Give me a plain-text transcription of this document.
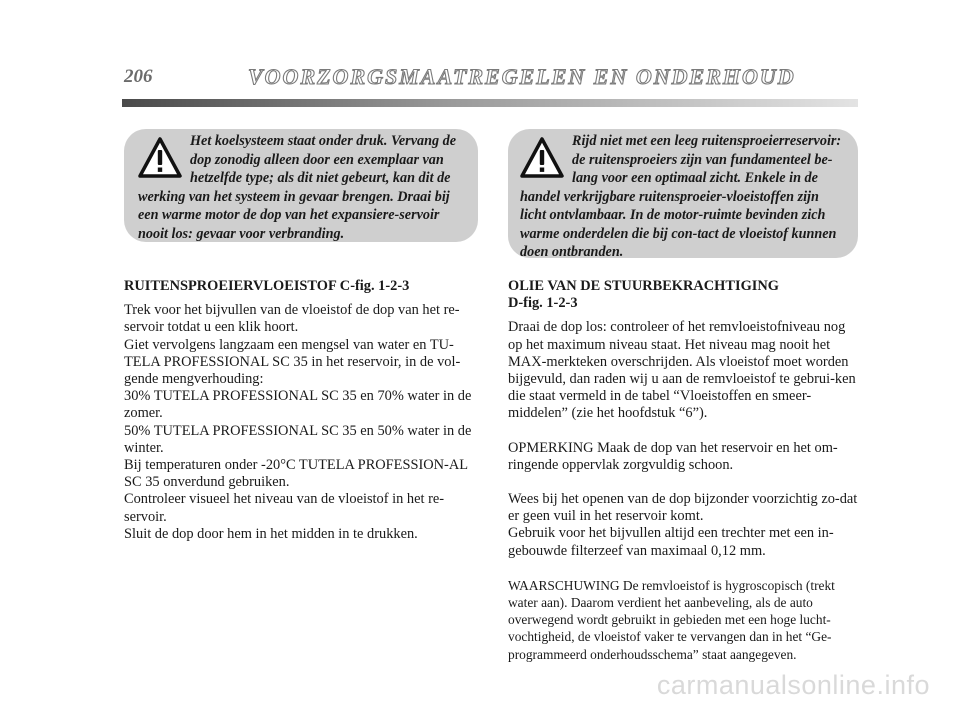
206	VOORZORGSMAATREGELEN EN ONDERHOUD

Het koelsysteem staat onder druk. Vervang de dop zonodig alleen door een exemplaar van hetzelfde type; als dit niet gebeurt, kan dit de werking van het systeem in gevaar brengen. Draai bij een warme motor de dop van het expansiere-servoir nooit los: gevaar voor verbranding.

Rijd niet met een leeg ruitensproeierreservoir: de ruitensproeiers zijn van fundamenteel be-lang voor een optimaal zicht. Enkele in de handel verkrijgbare ruitensproeier-vloeistoffen zijn licht ontvlambaar. In de motor-ruimte bevinden zich warme onderdelen die bij con-tact de vloeistof kunnen doen ontbranden.

RUITENSPROEIERVLOEISTOF C-fig. 1-2-3

Trek voor het bijvullen van de vloeistof de dop van het re-servoir totdat u een klik hoort.

Giet vervolgens langzaam een mengsel van water en TU-TELA PROFESSIONAL SC 35 in het reservoir, in de vol-gende mengverhouding:

30% TUTELA PROFESSIONAL SC 35 en 70% water in de zomer.

50% TUTELA PROFESSIONAL SC 35 en 50% water in de winter.

Bij temperaturen onder -20°C TUTELA PROFESSION-AL SC 35 onverdund gebruiken.

Controleer visueel het niveau van de vloeistof in het re-servoir.

Sluit de dop door hem in het midden in te drukken.

OLIE VAN DE STUURBEKRACHTIGING
D-fig. 1-2-3

Draai de dop los: controleer of het remvloeistofniveau nog op het maximum niveau staat. Het niveau mag nooit het MAX-merkteken overschrijden. Als vloeistof moet worden bijgevuld, dan raden wij u aan de remvloeistof te gebrui-ken die staat vermeld in de tabel “Vloeistoffen en smeer-middelen” (zie het hoofdstuk “6”).

OPMERKING Maak de dop van het reservoir en het om-ringende oppervlak zorgvuldig schoon.

Wees bij het openen van de dop bijzonder voorzichtig zo-dat er geen vuil in het reservoir komt.

Gebruik voor het bijvullen altijd een trechter met een in-gebouwde filterzeef van maximaal 0,12 mm.

WAARSCHUWING De remvloeistof is hygroscopisch (trekt water aan). Daarom verdient het aanbeveling, als de auto overwegend wordt gebruikt in gebieden met een hoge lucht-vochtigheid, de vloeistof vaker te vervangen dan in het “Ge-programmeerd onderhoudsschema” staat aangegeven.

carmanualsonline.info
